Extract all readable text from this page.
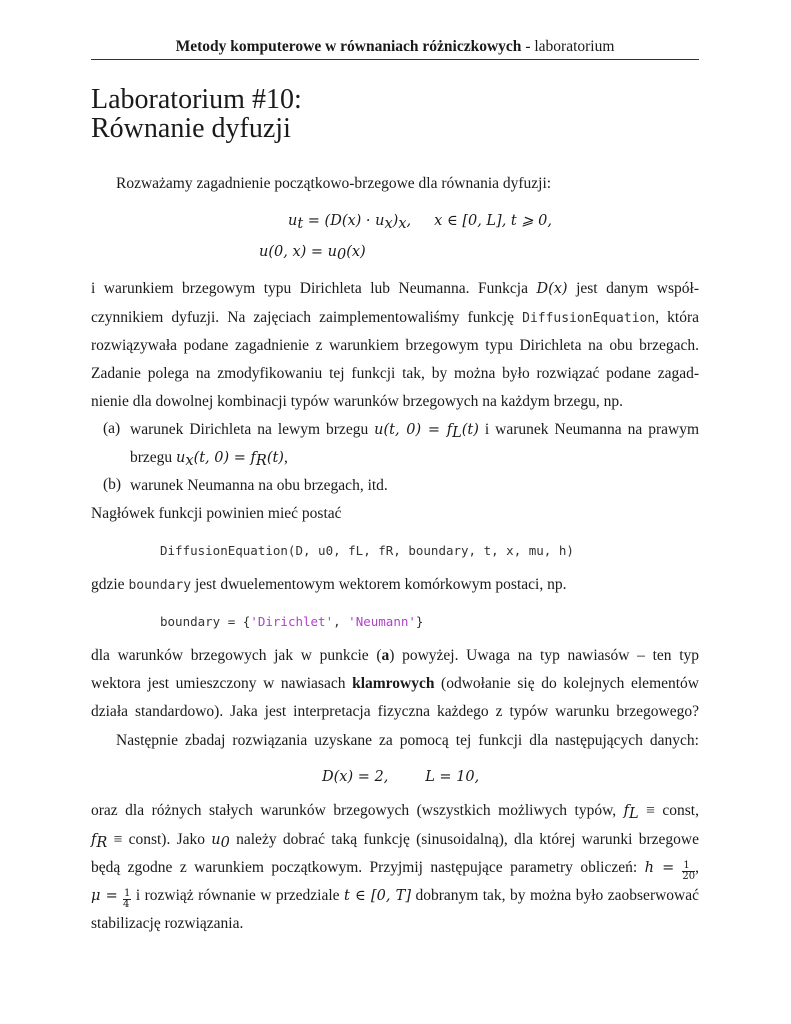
Metody komputerowe w równaniach różniczkowych - laboratorium
Laboratorium #10:
Równanie dyfuzji
Rozważamy zagadnienie początkowo-brzegowe dla równania dyfuzji:
$u_t = (D(x) \cdot u_x)_x$,     x ∈ [0, L], t ⩾ 0,
u(0, $x) = u_0(x)$
i warunkiem brzegowym typu Dirichleta lub Neumanna. Funkcja D(x) jest danym współ-
czynnikiem dyfuzji. Na zajęciach zaimplementowaliśmy funkcję DiffusionEquation, która
rozwiązywała podane zagadnienie z warunkiem brzegowym typu Dirichleta na obu brzegach.
Zadanie polega na zmodyfikowaniu tej funkcji tak, by można było rozwiązać podane zagad-
nienie dla dowolnej kombinacji typów warunków brzegowych na każdym brzegu, np.
(a) warunek Dirichleta na lewym brzegu u(t, $0) = f_L(t)$ i warunek Neumanna na prawym
brzegu $u_x(t$, $0) = f_R(t)$,
(b) warunek Neumanna na obu brzegach, itd.
Nagłówek funkcji powinien mieć postać
DiffusionEquation(D, u0, fL, fR, boundary, t, x, mu, h)
gdzie boundary jest dwuelementowym wektorem komórkowym postaci, np.
boundary = {'Dirichlet', 'Neumann'}
dla warunków brzegowych jak w punkcie (a) powyżej. Uwaga na typ nawiasów – ten typ
wektora jest umieszczony w nawiasach klamrowych (odwołanie się do kolejnych elementów
działa standardowo). Jaka jest interpretacja fizyczna każdego z typów warunku brzegowego?
Następnie zbadaj rozwiązania uzyskane za pomocą tej funkcji dla następujących danych:
D(x) = 2,        L = 10,
oraz dla różnych stałych warunków brzegowych (wszystkich możliwych typów, $f_L$ ≡ const,
$f_R$ ≡ const). Jako $u_0$ należy dobrać taką funkcję (sinusoidalną), dla której warunki brzegowe
będą zgodne z warunkiem początkowym. Przyjmij następujące parametry obliczeń: $h = \frac{1}{20}$ ,
$\mu = \frac{1}{4}$ i rozwiąż równanie w przedziale t ∈ [0, T] dobranym tak, by można było zaobserwować
stabilizację rozwiązania.
